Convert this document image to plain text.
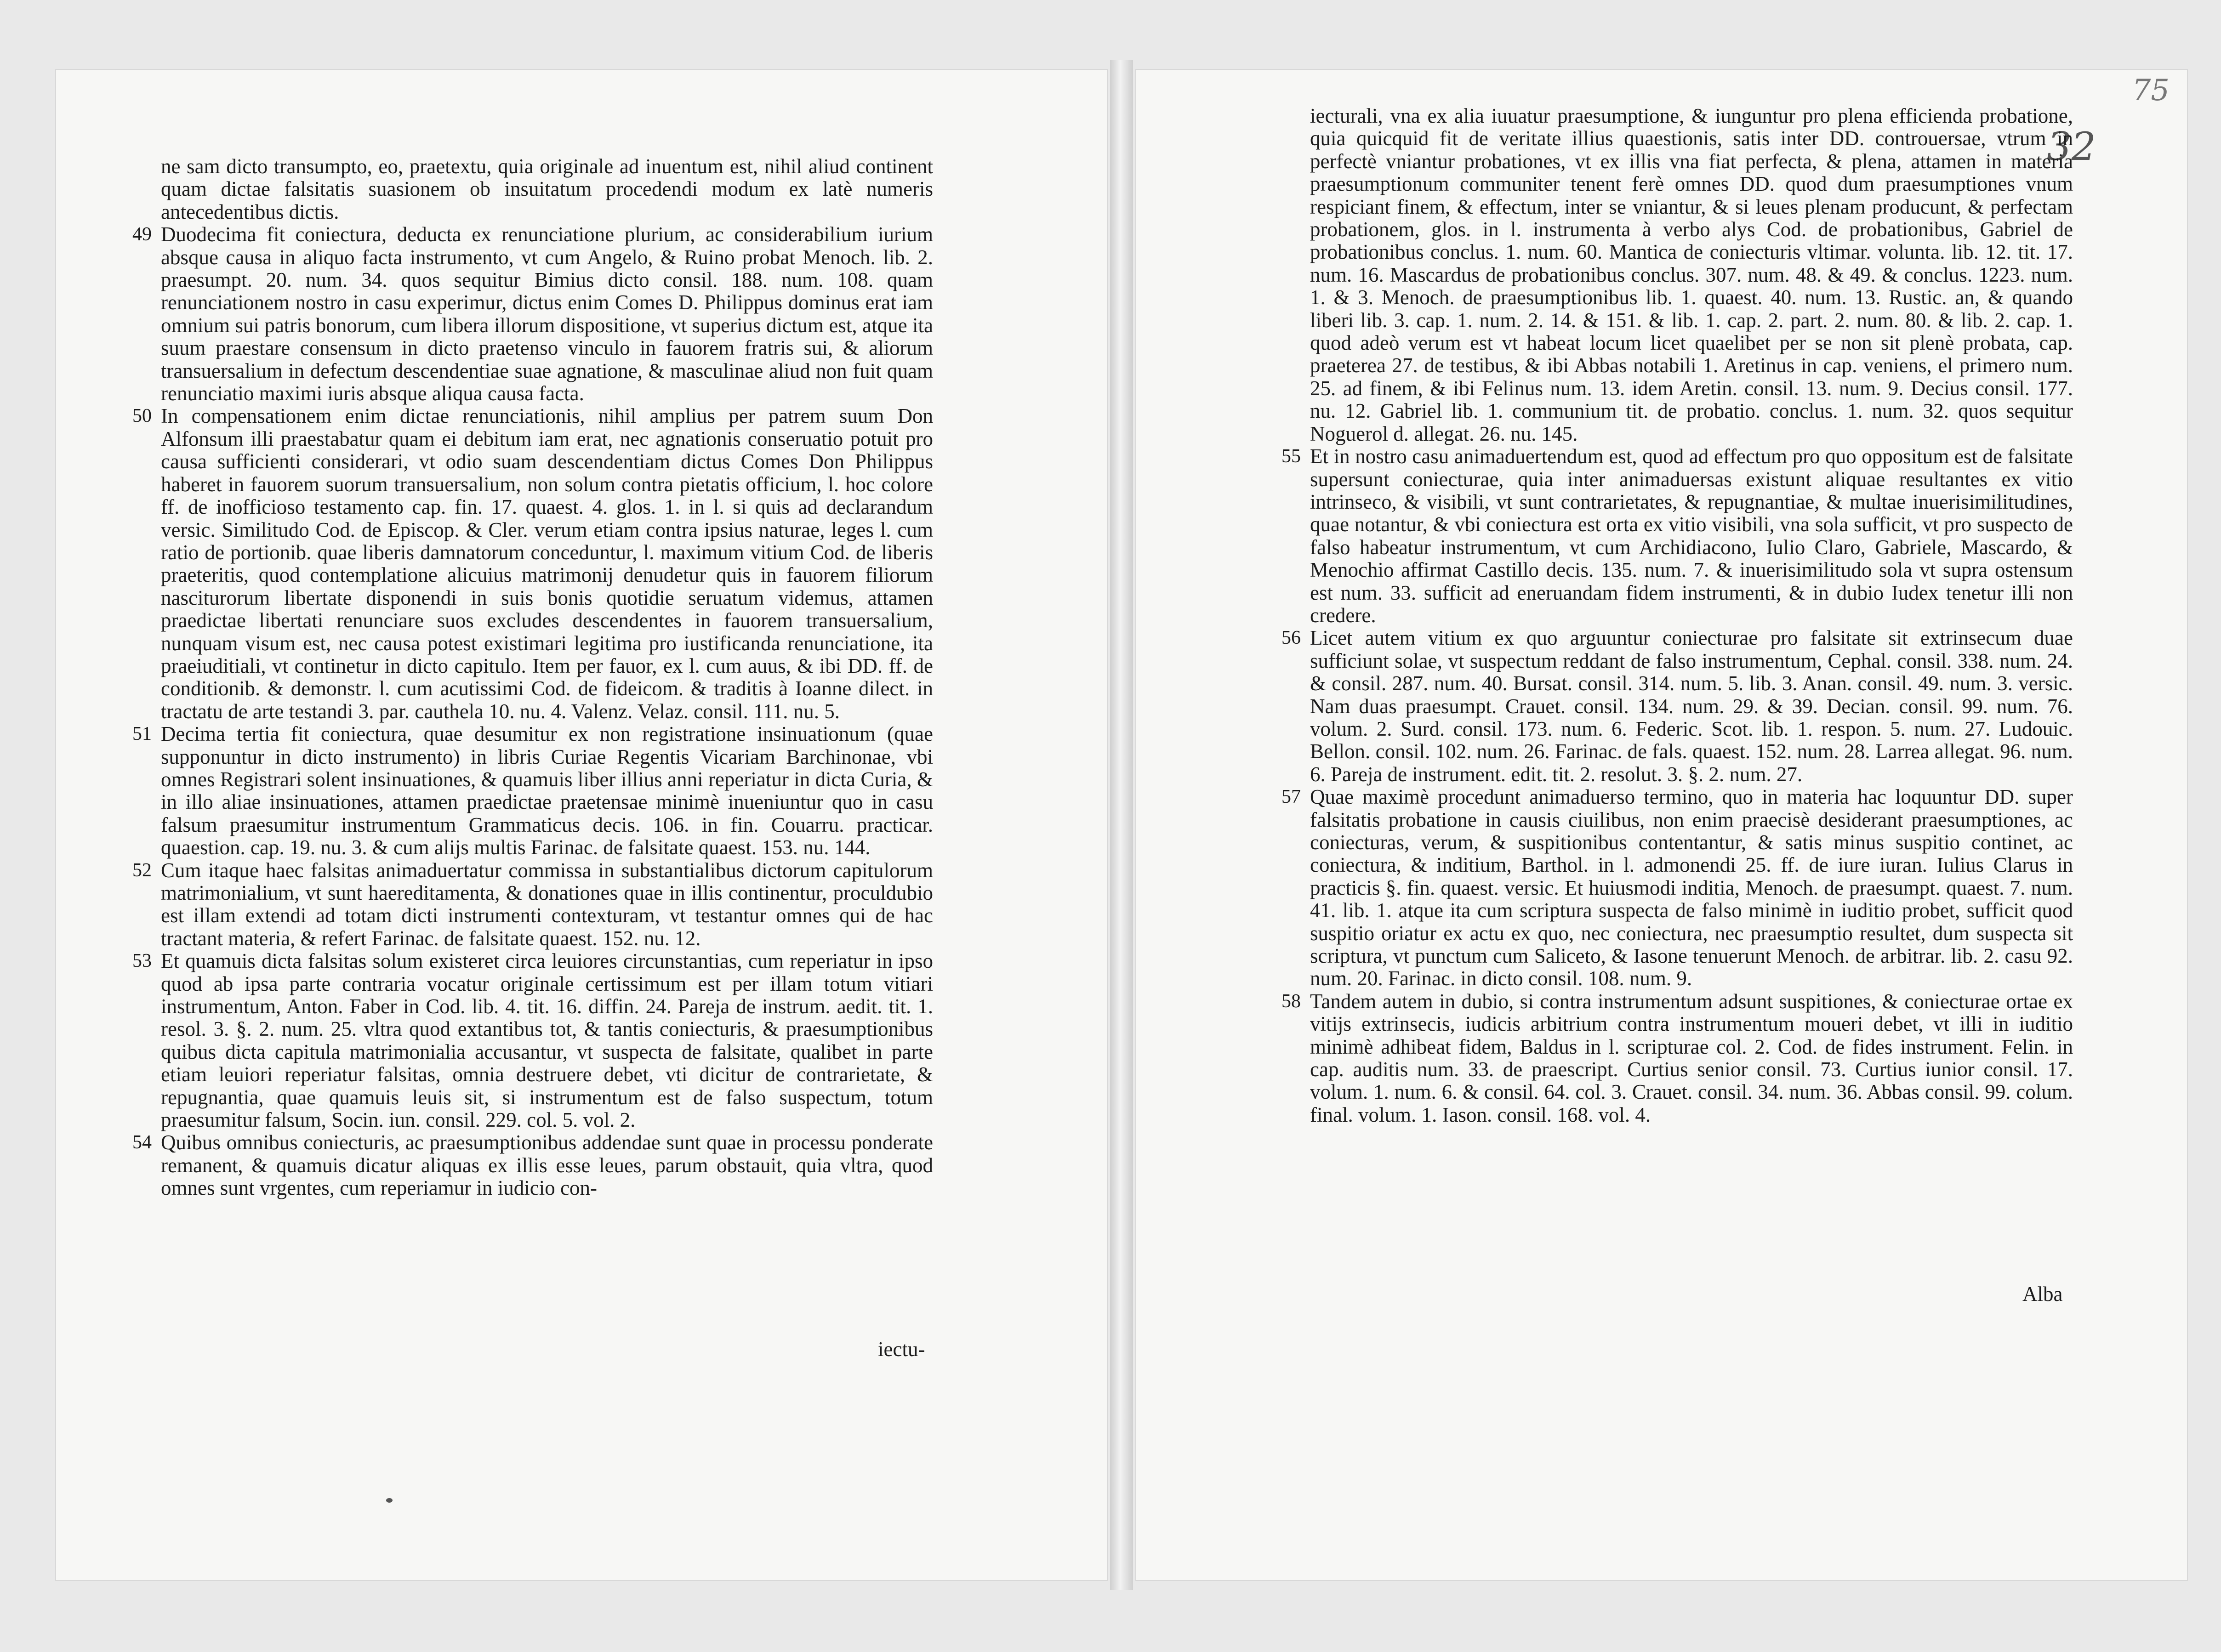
ne sam dicto transumpto, eo, praetextu, quia originale ad inuentum est, nihil aliud continent quam dictae falsitatis suasionem ob insuitatum procedendi modum ex latè numeris antecedentibus dictis.

49 Duodecima fit coniectura, deducta ex renunciatione plurium, ac considerabilium iurium absque causa in aliquo facta instrumento, vt cum Angelo, & Ruino probat Menoch. lib. 2. praesumpt. 20. num. 34. quos sequitur Bimius dicto consil. 188. num. 108. quam renunciationem nostro in casu experimur, dictus enim Comes D. Philippus dominus erat iam omnium sui patris bonorum, cum libera illorum dispositione, vt superius dictum est, atque ita suum praestare consensum in dicto praetenso vinculo in fauorem fratris sui, & aliorum transuersalium in defectum descendentiae suae agnatione, & masculinae aliud non fuit quam renunciatio maximi iuris absque aliqua causa facta.

50 In compensationem enim dictae renunciationis, nihil amplius per patrem suum Don Alfonsum illi praestabatur quam ei debitum iam erat, nec agnationis conseruatio potuit pro causa sufficienti considerari, vt odio suam descendentiam dictus Comes Don Philippus haberet in fauorem suorum transuersalium, non solum contra pietatis officium, l. hoc colore ff. de inofficioso testamento cap. fin. 17. quaest. 4. glos. 1. in l. si quis ad declarandum versic. Similitudo Cod. de Episcop. & Cler. verum etiam contra ipsius naturae, leges l. cum ratio de portionib. quae liberis damnatorum conceduntur, l. maximum vitium Cod. de liberis praeteritis, quod contemplatione alicuius matrimonij denudetur quis in fauorem filiorum nasciturorum libertate disponendi in suis bonis quotidie seruatum videmus, attamen praedictae libertati renunciare suos excludes descendentes in fauorem transuersalium, nunquam visum est, nec causa potest existimari legitima pro iustificanda renunciatione, ita praeiuditiali, vt continetur in dicto capitulo. Item per fauor, ex l. cum auus, & ibi DD. ff. de conditionib. & demonstr. l. cum acutissimi Cod. de fideicom. & traditis à Ioanne dilect. in tractatu de arte testandi 3. par. cauthela 10. nu. 4. Valenz. Velaz. consil. 111. nu. 5.

51 Decima tertia fit coniectura, quae desumitur ex non registratione insinuationum (quae supponuntur in dicto instrumento) in libris Curiae Regentis Vicariam Barchinonae, vbi omnes Registrari solent insinuationes, & quamuis liber illius anni reperiatur in dicta Curia, & in illo aliae insinuationes, attamen praedictae praetensae minimè inueniuntur quo in casu falsum praesumitur instrumentum Grammaticus decis. 106. in fin. Couarru. practicar. quaestion. cap. 19. nu. 3. & cum alijs multis Farinac. de falsitate quaest. 153. nu. 144.

52 Cum itaque haec falsitas animaduertatur commissa in substantialibus dictorum capitulorum matrimonialium, vt sunt haereditamenta, & donationes quae in illis continentur, proculdubio est illam extendi ad totam dicti instrumenti contexturam, vt testantur omnes qui de hac tractant materia, & refert Farinac. de falsitate quaest. 152. nu. 12.

53 Et quamuis dicta falsitas solum existeret circa leuiores circunstantias, cum reperiatur in ipso quod ab ipsa parte contraria vocatur originale certissimum est per illam totum vitiari instrumentum, Anton. Faber in Cod. lib. 4. tit. 16. diffin. 24. Pareja de instrum. aedit. tit. 1. resol. 3. §. 2. num. 25. vltra quod extantibus tot, & tantis coniecturis, & praesumptionibus quibus dicta capitula matrimonialia accusantur, vt suspecta de falsitate, qualibet in parte etiam leuiori reperiatur falsitas, omnia destruere debet, vti dicitur de contrarietate, & repugnantia, quae quamuis leuis sit, si instrumentum est de falso suspectum, totum praesumitur falsum, Socin. iun. consil. 229. col. 5. vol. 2.

54 Quibus omnibus coniecturis, ac praesumptionibus addendae sunt quae in processu ponderate remanent, & quamuis dicatur aliquas ex illis esse leues, parum obstauit, quia vltra, quod omnes sunt vrgentes, cum reperiamur in iudicio con-

iectu-
75
32

iecturali, vna ex alia iuuatur praesumptione, & iunguntur pro plena efficienda probatione, quia quicquid fit de veritate illius quaestionis, satis inter DD. controuersae, vtrum in perfectè vniantur probationes, vt ex illis vna fiat perfecta, & plena, attamen in materia praesumptionum communiter tenent ferè omnes DD. quod dum praesumptiones vnum respiciant finem, & effectum, inter se vniantur, & si leues plenam producunt, & perfectam probationem, glos. in l. instrumenta à verbo alys Cod. de probationibus, Gabriel de probationibus conclus. 1. num. 60. Mantica de coniecturis vltimar. volunta. lib. 12. tit. 17. num. 16. Mascardus de probationibus conclus. 307. num. 48. & 49. & conclus. 1223. num. 1. & 3. Menoch. de praesumptionibus lib. 1. quaest. 40. num. 13. Rustic. an, & quando liberi lib. 3. cap. 1. num. 2. 14. & 151. & lib. 1. cap. 2. part. 2. num. 80. & lib. 2. cap. 1. quod adeò verum est vt habeat locum licet quaelibet per se non sit plenè probata, cap. praeterea 27. de testibus, & ibi Abbas notabili 1. Aretinus in cap. veniens, el primero num. 25. ad finem, & ibi Felinus num. 13. idem Aretin. consil. 13. num. 9. Decius consil. 177. nu. 12. Gabriel lib. 1. communium tit. de probatio. conclus. 1. num. 32. quos sequitur Noguerol d. allegat. 26. nu. 145.

55 Et in nostro casu animaduertendum est, quod ad effectum pro quo oppositum est de falsitate supersunt coniecturae, quia inter animaduersas existunt aliquae resultantes ex vitio intrinseco, & visibili, vt sunt contrarietates, & repugnantiae, & multae inuerisimilitudines, quae notantur, & vbi coniectura est orta ex vitio visibili, vna sola sufficit, vt pro suspecto de falso habeatur instrumentum, vt cum Archidiacono, Iulio Claro, Gabriele, Mascardo, & Menochio affirmat Castillo decis. 135. num. 7. & inuerisimilitudo sola vt supra ostensum est num. 33. sufficit ad eneruandam fidem instrumenti, & in dubio Iudex tenetur illi non credere.

56 Licet autem vitium ex quo arguuntur coniecturae pro falsitate sit extrinsecum duae sufficiunt solae, vt suspectum reddant de falso instrumentum, Cephal. consil. 338. num. 24. & consil. 287. num. 40. Bursat. consil. 314. num. 5. lib. 3. Anan. consil. 49. num. 3. versic. Nam duas praesumpt. Crauet. consil. 134. num. 29. & 39. Decian. consil. 99. num. 76. volum. 2. Surd. consil. 173. num. 6. Federic. Scot. lib. 1. respon. 5. num. 27. Ludouic. Bellon. consil. 102. num. 26. Farinac. de fals. quaest. 152. num. 28. Larrea allegat. 96. num. 6. Pareja de instrument. edit. tit. 2. resolut. 3. §. 2. num. 27.

57 Quae maximè procedunt animaduerso termino, quo in materia hac loquuntur DD. super falsitatis probatione in causis ciuilibus, non enim praecisè desiderant praesumptiones, ac coniecturas, verum, & suspitionibus contentantur, & satis minus suspitio continet, ac coniectura, & inditium, Barthol. in l. admonendi 25. ff. de iure iuran. Iulius Clarus in practicis §. fin. quaest. versic. Et huiusmodi inditia, Menoch. de praesumpt. quaest. 7. num. 41. lib. 1. atque ita cum scriptura suspecta de falso minimè in iuditio probet, sufficit quod suspitio oriatur ex actu ex quo, nec coniectura, nec praesumptio resultet, dum suspecta sit scriptura, vt punctum cum Saliceto, & Iasone tenuerunt Menoch. de arbitrar. lib. 2. casu 92. num. 20. Farinac. in dicto consil. 108. num. 9.

58 Tandem autem in dubio, si contra instrumentum adsunt suspitiones, & coniecturae ortae ex vitijs extrinsecis, iudicis arbitrium contra instrumentum moueri debet, vt illi in iuditio minimè adhibeat fidem, Baldus in l. scripturae col. 2. Cod. de fides instrument. Felin. in cap. auditis num. 33. de praescript. Curtius senior consil. 73. Curtius iunior consil. 17. volum. 1. num. 6. & consil. 64. col. 3. Crauet. consil. 34. num. 36. Abbas consil. 99. colum. final. volum. 1. Iason. consil. 168. vol. 4.

Alba
